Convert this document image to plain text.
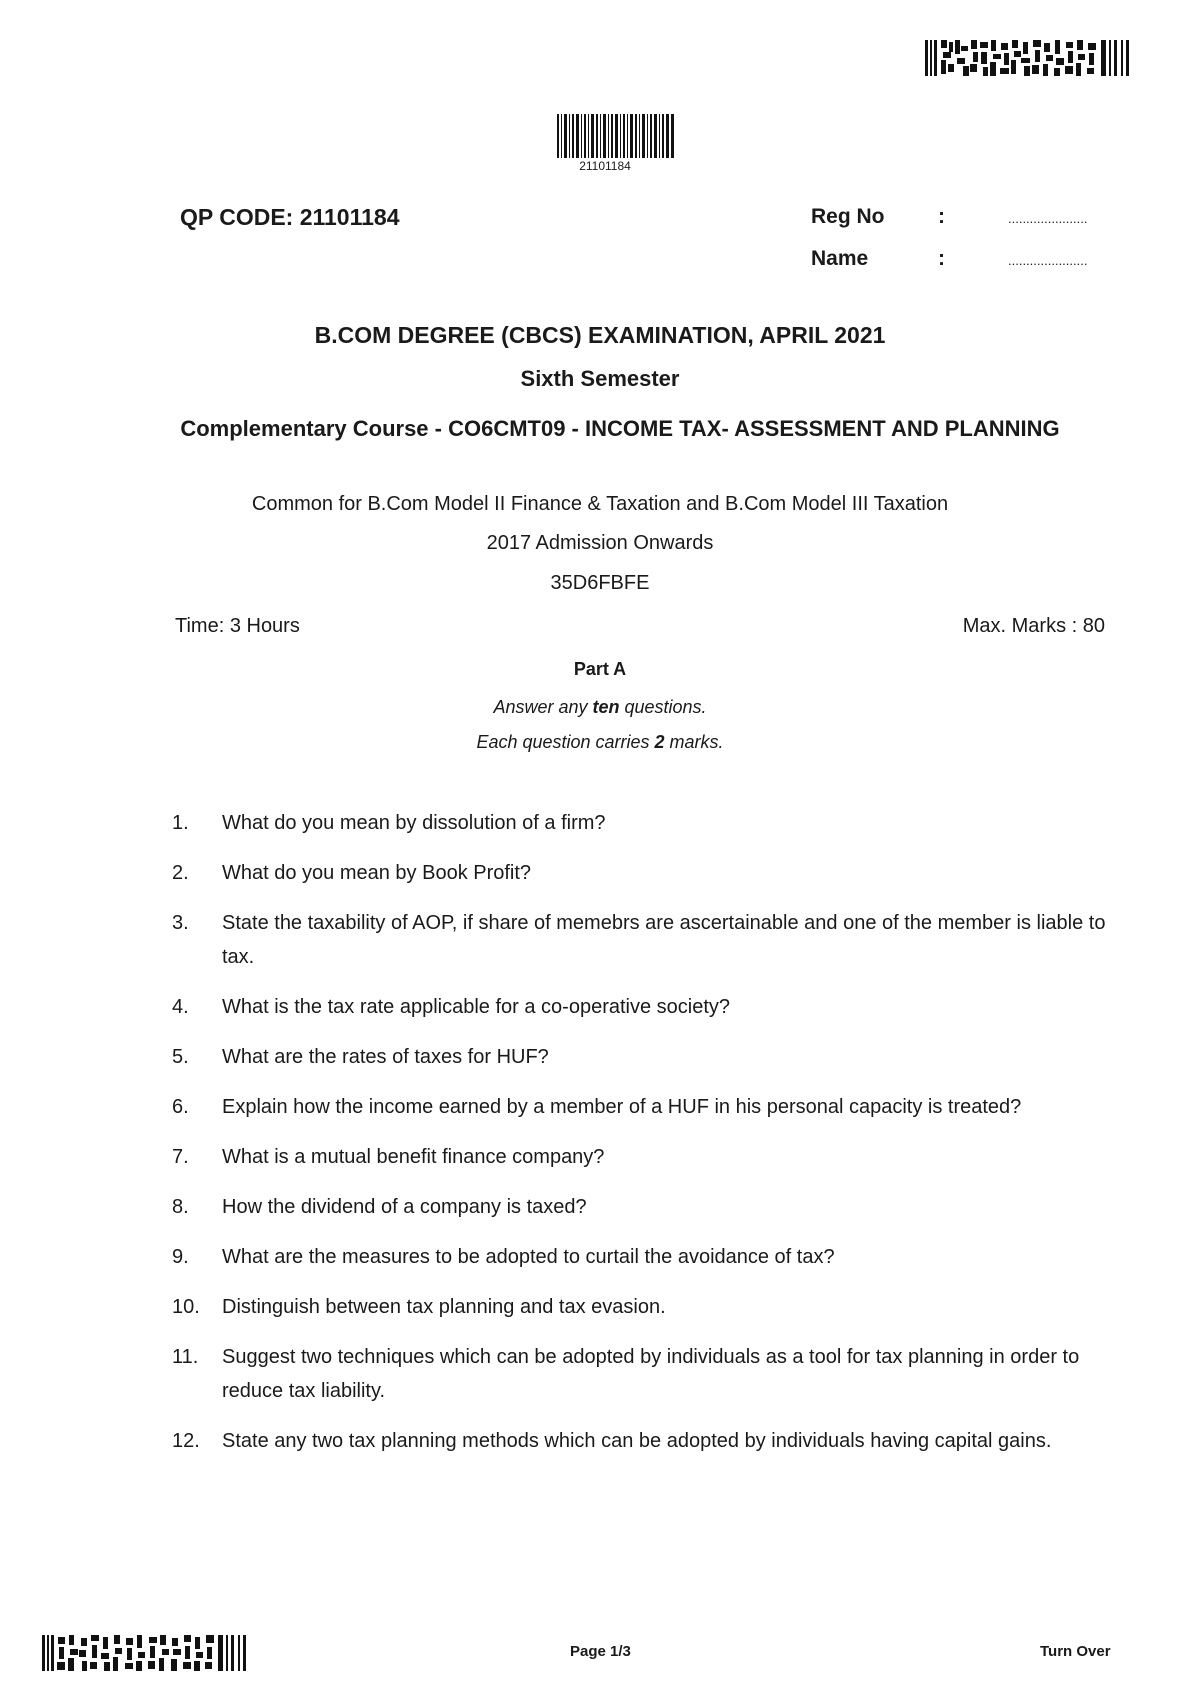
21101184
QP CODE: 21101184	Reg No	:	......................
Name	:	......................
B.COM DEGREE (CBCS) EXAMINATION, APRIL 2021
Sixth Semester
Complementary Course - CO6CMT09 - INCOME TAX- ASSESSMENT AND PLANNING
Common for B.Com Model II Finance & Taxation and B.Com Model III Taxation
2017 Admission Onwards
35D6FBFE
Time: 3 Hours	Max. Marks : 80
Part A
Answer any ten questions.
Each question carries 2 marks.
1. What do you mean by dissolution of a firm?
2. What do you mean by Book Profit?
3. State the taxability of AOP, if share of memebrs are ascertainable and one of the member is liable to tax.
4. What is the tax rate applicable for a co-operative society?
5. What are the rates of taxes for HUF?
6. Explain how the income earned by a member of a HUF in his personal capacity is treated?
7. What is a mutual benefit finance company?
8. How the dividend of a company is taxed?
9. What are the measures to be adopted to curtail the avoidance of tax?
10. Distinguish between tax planning and tax evasion.
11. Suggest two techniques which can be adopted by individuals as a tool for tax planning in order to reduce tax liability.
12. State any two tax planning methods which can be adopted by individuals having capital gains.
Page 1/3	Turn Over
